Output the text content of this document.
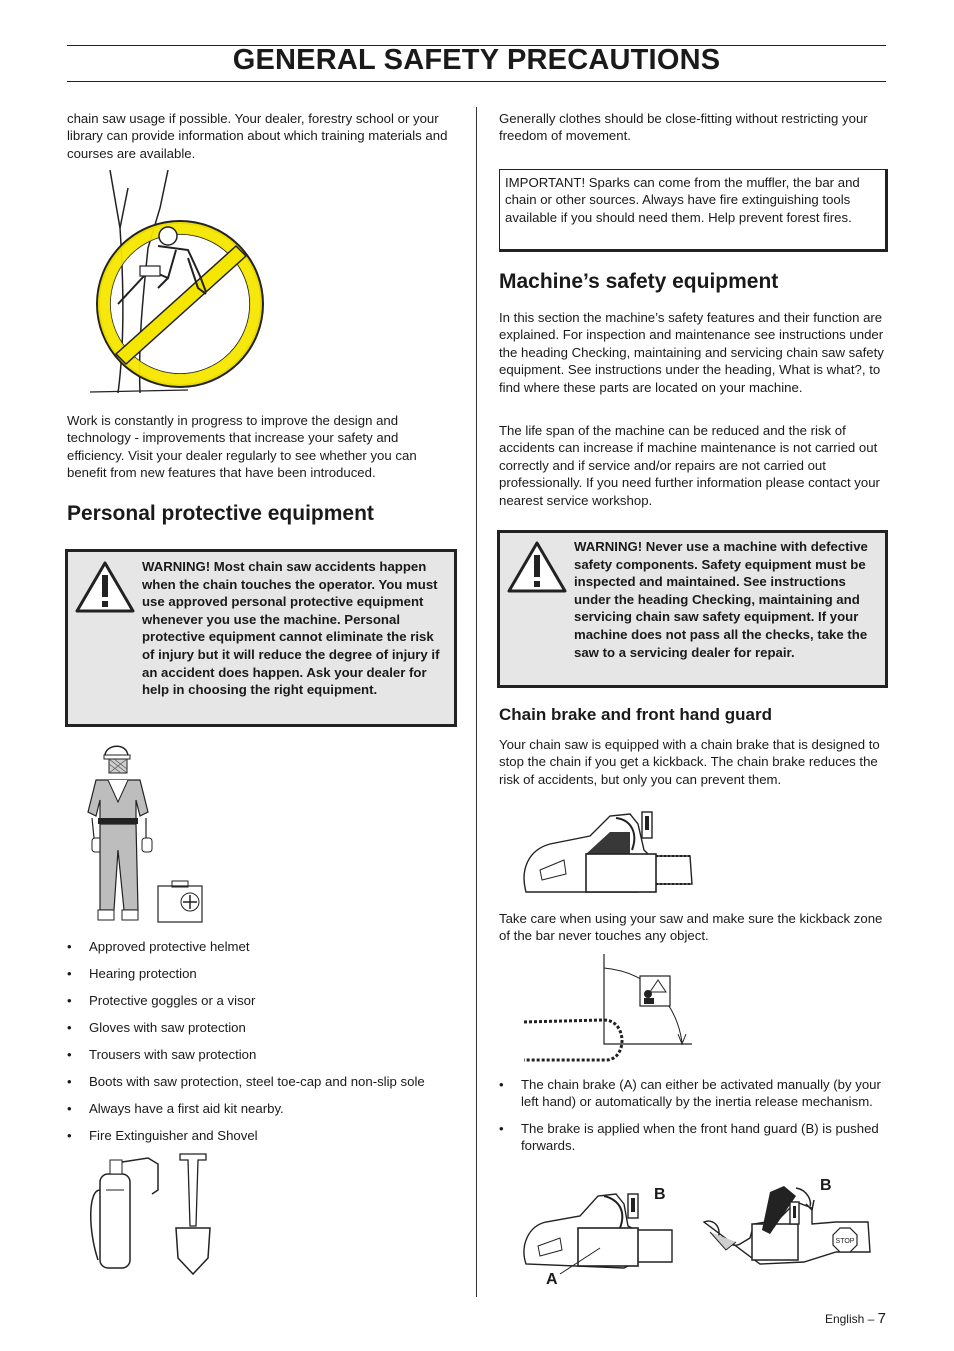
GENERAL SAFETY PRECAUTIONS

chain saw usage if possible. Your dealer, forestry school or your library can provide information about which training materials and courses are available.

Work is constantly in progress to improve the design and technology - improvements that increase your safety and efficiency. Visit your dealer regularly to see whether you can benefit from new features that have been introduced.

Personal protective equipment

WARNING! Most chain saw accidents happen when the chain touches the operator. You must use approved personal protective equipment whenever you use the machine. Personal protective equipment cannot eliminate the risk of injury but it will reduce the degree of injury if an accident does happen. Ask your dealer for help in choosing the right equipment.

• Approved protective helmet
• Hearing protection
• Protective goggles or a visor
• Gloves with saw protection
• Trousers with saw protection
• Boots with saw protection, steel toe-cap and non-slip sole
• Always have a first aid kit nearby.
• Fire Extinguisher and Shovel

Generally clothes should be close-fitting without restricting your freedom of movement.

IMPORTANT! Sparks can come from the muffler, the bar and chain or other sources. Always have fire extinguishing tools available if you should need them. Help prevent forest fires.

Machine’s safety equipment

In this section the machine’s safety features and their function are explained. For inspection and maintenance see instructions under the heading Checking, maintaining and servicing chain saw safety equipment. See instructions under the heading, What is what?, to find where these parts are located on your machine.

The life span of the machine can be reduced and the risk of accidents can increase if machine maintenance is not carried out correctly and if service and/or repairs are not carried out professionally. If you need further information please contact your nearest service workshop.

WARNING! Never use a machine with defective safety components. Safety equipment must be inspected and maintained. See instructions under the heading Checking, maintaining and servicing chain saw safety equipment. If your machine does not pass all the checks, take the saw to a servicing dealer for repair.

Chain brake and front hand guard

Your chain saw is equipped with a chain brake that is designed to stop the chain if you get a kickback. The chain brake reduces the risk of accidents, but only you can prevent them.

Take care when using your saw and make sure the kickback zone of the bar never touches any object.

• The chain brake (A) can either be activated manually (by your left hand) or automatically by the inertia release mechanism.
• The brake is applied when the front hand guard (B) is pushed forwards.
A
B
STOP
B
English – 7
